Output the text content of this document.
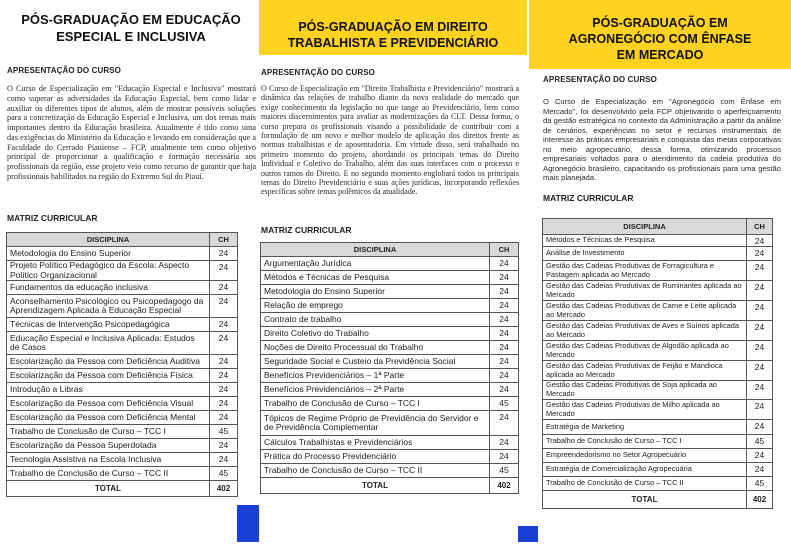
PÓS-GRADUAÇÃO EM EDUCAÇÃO
ESPECIAL E INCLUSIVA
APRESENTAÇÃO DO CURSO
O Curso de Especialização em "Educação Especial e Inclusiva" mostrará como superar as adversidades da Educação Especial, bem como lidar e auxiliar os diferentes tipos de alunos, além de mostrar possíveis soluções para a concretização da Educação Especial e Inclusiva, um dos temas mais importantes dentro da Educação brasileira. Atualmente é tido como uma das exigências do Ministério da Educação e levando em consideração que a Faculdade do Cerrado Piauiense – FCP, atualmente tem como objetivo principal de proporcionar a qualificação e formação necessária aos profissionais da região, esse projeto veio como recurso de garantir que haja profissionais habilitados na região do Extremo Sul do Piauí.
MATRIZ CURRICULAR
DISCIPLINA	CH
Metodologia do Ensino Superior	24
Projeto Político Pedagógico da Escola: Aspecto Político Organizacional	24
Fundamentos da educação inclusiva	24
Aconselhamento Psicológico ou Psicopedagogo da Aprendizagem Aplicada à Educação Especial	24
Técnicas de Intervenção Psicopedagógica	24
Educação Especial e Inclusiva Aplicada: Estudos de Casos	24
Escolarização da Pessoa com Deficiência Auditiva	24
Escolarização da Pessoa com Deficiência Física	24
Introdução a Libras	24
Escolarização da Pessoa com Deficiência Visual	24
Escolarização da Pessoa com Deficiência Mental	24
Trabalho de Conclusão de Curso – TCC I	45
Escolarização da Pessoa Superdotada	24
Tecnologia Assistiva na Escola Inclusiva	24
Trabalho de Conclusão de Curso – TCC II	45
TOTAL	402
PÓS-GRADUAÇÃO EM DIREITO
TRABALHISTA E PREVIDENCIÁRIO
APRESENTAÇÃO DO CURSO
O Curso de Especialização em "Direito Trabalhista e Previdenciário" mostrará a dinâmica das relações de trabalho diante da nova realidade do mercado que exige conhecimento da legislação no que tange ao Previdenciário, bem como maiores discernimentos para avaliar as modernizações da CLT. Dessa forma, o curso prepara os profissionais visando a possibilidade de contribuir com a formulação de um novo e melhor modelo de aplicação dos direitos frente as normas trabalhistas e de aposentadoria. Em virtude disso, será trabalhado no primeiro momento do projeto, abordando os principais temas do Direito Individual e Coletivo do Trabalho, além das suas interfaces com o processo e outros ramos do Direito. E no segundo momento englobará todos os principais temas do Direito Previdenciário e suas ações jurídicas, incorporando reflexões específicas sobre temas polêmicos da atualidade.
MATRIZ CURRICULAR
DISCIPLINA	CH
Argumentação Jurídica	24
Métodos e Técnicas de Pesquisa	24
Metodologia do Ensino Superior	24
Relação de emprego	24
Contrato de trabalho	24
Direito Coletivo do Trabalho	24
Noções de Direito Processual do Trabalho	24
Seguridade Social e Custeio da Previdência Social	24
Benefícios Previdenciários – 1ª Parte	24
Benefícios Previdenciários – 2ª Parte	24
Trabalho de Conclusão de Curso – TCC I	45
Tópicos de Regime Próprio de Previdência do Servidor e de Previdência Complementar	24
Cálculos Trabalhistas e Previdenciários	24
Prática do Processo Previdenciário	24
Trabalho de Conclusão de Curso – TCC II	45
TOTAL	402
PÓS-GRADUAÇÃO EM
AGRONEGÓCIO COM ÊNFASE
EM MERCADO
APRESENTAÇÃO DO CURSO
O Curso de Especialização em "Agronegócio com Ênfase em Mercado", foi desenvolvido pela FCP objetivando o aperfeiçoamento da gestão estratégica no contexto da Administração a partir da análise de cenários, experiências no setor e recursos instrumentais de interesse às práticas empresariais e conquista das metas corporativas no meio agropecuário, dessa forma, otimizando processos empresariais voltados para o atendimento da cadeia produtiva do Agronegócio brasileiro, capacitando os profissionais para uma gestão mais planejada.
MATRIZ CURRICULAR
DISCIPLINA	CH
Métodos e Técnicas de Pesquisa	24
Análise de Investimento	24
Gestão das Cadeias Produtivas de Forragicultura e Pastagem aplicada ao Mercado	24
Gestão das Cadeias Produtivas de Ruminantes aplicada ao Mercado	24
Gestão das Cadeias Produtivas de Carne e Leite aplicada ao Mercado	24
Gestão das Cadeias Produtivas de Aves e Suínos aplicada ao Mercado	24
Gestão das Cadeias Produtivas de Algodão aplicada ao Mercado	24
Gestão das Cadeias Produtivas de Feijão e Mandioca aplicada ao Mercado	24
Gestão das Cadeias Produtivas de Soja aplicada ao Mercado	24
Gestão das Cadeias Produtivas de Milho aplicada ao Mercado	24
Estratégia de Marketing	24
Trabalho de Conclusão de Curso – TCC I	45
Empreendedorismo no Setor Agropecuário	24
Estratégia de Comercialização Agropecuária	24
Trabalho de Conclusão de Curso – TCC II	45
TOTAL	402
